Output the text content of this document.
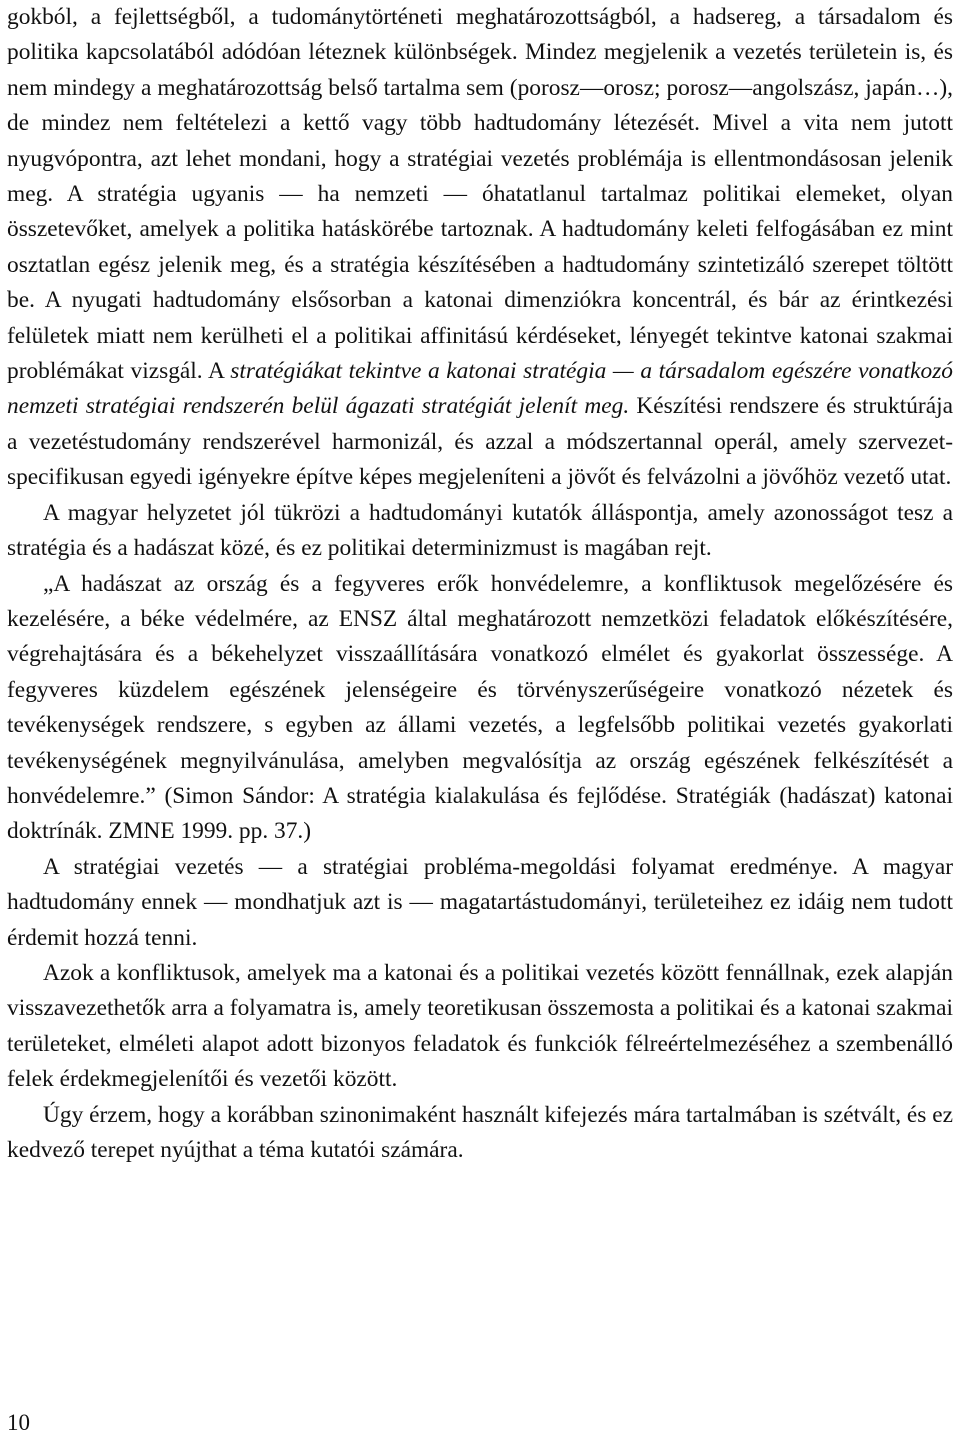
gokból, a fejlettségből, a tudománytörténeti meghatározottságból, a hadsereg, a társadalom és politika kapcsolatából adódóan léteznek különbségek. Mindez megjelenik a vezetés területein is, és nem mindegy a meghatározottság belső tartalma sem (porosz—orosz; porosz—angolszász, japán…), de mindez nem feltételezi a kettő vagy több hadtudomány létezését. Mivel a vita nem jutott nyugvópontra, azt lehet mondani, hogy a stratégiai vezetés problémája is ellentmondásosan jelenik meg. A stratégia ugyanis — ha nemzeti — óhatatlanul tartalmaz politikai elemeket, olyan összetevőket, amelyek a politika hatáskörébe tartoznak. A hadtudomány keleti felfogásában ez mint osztatlan egész jelenik meg, és a stratégia készítésében a hadtudomány szintetizáló szerepet töltött be. A nyugati hadtudomány elsősorban a katonai dimenziókra koncentrál, és bár az érintkezési felületek miatt nem kerülheti el a politikai affinitású kérdéseket, lényegét tekintve katonai szakmai problémákat vizsgál. A stratégiákat tekintve a katonai stratégia — a társadalom egészére vonatkozó nemzeti stratégiai rendszerén belül ágazati stratégiát jelenít meg. Készítési rendszere és struktúrája a vezetéstudomány rendszerével harmonizál, és azzal a módszertannal operál, amely szervezet-specifikusan egyedi igényekre építve képes megjeleníteni a jövőt és felvázolni a jövőhöz vezető utat.

A magyar helyzetet jól tükrözi a hadtudományi kutatók álláspontja, amely azonosságot tesz a stratégia és a hadászat közé, és ez politikai determinizmust is magában rejt.

„A hadászat az ország és a fegyveres erők honvédelemre, a konfliktusok megelőzésére és kezelésére, a béke védelmére, az ENSZ által meghatározott nemzetközi feladatok előkészítésére, végrehajtására és a békehelyzet visszaállítására vonatkozó elmélet és gyakorlat összessége. A fegyveres küzdelem egészének jelenségeire és törvényszerűségeire vonatkozó nézetek és tevékenységek rendszere, s egyben az állami vezetés, a legfelsőbb politikai vezetés gyakorlati tevékenységének megnyilvánulása, amelyben megvalósítja az ország egészének felkészítését a honvédelemre.” (Simon Sándor: A stratégia kialakulása és fejlődése. Stratégiák (hadászat) katonai doktrínák. ZMNE 1999. pp. 37.)

A stratégiai vezetés — a stratégiai probléma-megoldási folyamat eredménye. A magyar hadtudomány ennek — mondhatjuk azt is — magatartástudományi, területeihez ez idáig nem tudott érdemit hozzá tenni.

Azok a konfliktusok, amelyek ma a katonai és a politikai vezetés között fennállnak, ezek alapján visszavezethetők arra a folyamatra is, amely teoretikusan összemosta a politikai és a katonai szakmai területeket, elméleti alapot adott bizonyos feladatok és funkciók félreértelmezéséhez a szembenálló felek érdekmegjelenítői és vezetői között.

Úgy érzem, hogy a korábban szinonimaként használt kifejezés mára tartalmában is szétvált, és ez kedvező terepet nyújthat a téma kutatói számára.

10
